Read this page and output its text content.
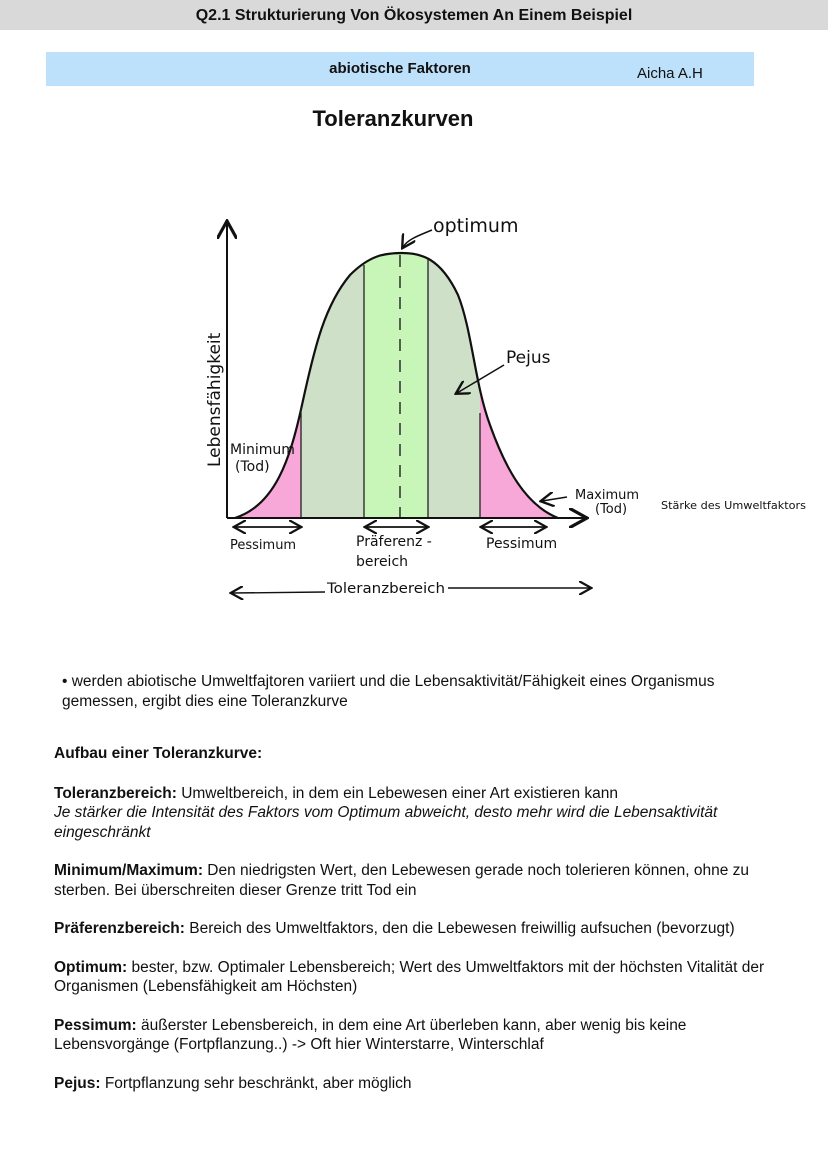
Q2.1 Strukturierung Von Ökosystemen An Einem Beispiel
abiotische Faktoren	Aicha A.H
Toleranzkurven
Lebensfähigkeit
Stärke des Umweltfaktors
optimum
Pejus
Minimum
(Tod)
Maximum
(Tod)
Pessimum	Präferenz -
bereich
Pessimum
Toleranzbereich
• werden abiotische Umweltfajtoren variiert und die Lebensaktivität/Fähigkeit eines Organismus gemessen, ergibt dies eine Toleranzkurve
Aufbau einer Toleranzkurve:
Toleranzbereich: Umweltbereich, in dem ein Lebewesen einer Art existieren kann
Je stärker die Intensität des Faktors vom Optimum abweicht, desto mehr wird die Lebensaktivität eingeschränkt
Minimum/Maximum: Den niedrigsten Wert, den Lebewesen gerade noch tolerieren können, ohne zu sterben. Bei überschreiten dieser Grenze tritt Tod ein
Präferenzbereich: Bereich des Umweltfaktors, den die Lebewesen freiwillig aufsuchen (bevorzugt)
Optimum: bester, bzw. Optimaler Lebensbereich; Wert des Umweltfaktors mit der höchsten Vitalität der Organismen (Lebensfähigkeit am Höchsten)
Pessimum: äußerster Lebensbereich, in dem eine Art überleben kann, aber wenig bis keine Lebensvorgänge (Fortpflanzung..) -> Oft hier Winterstarre, Winterschlaf
Pejus: Fortpflanzung sehr beschränkt, aber möglich
